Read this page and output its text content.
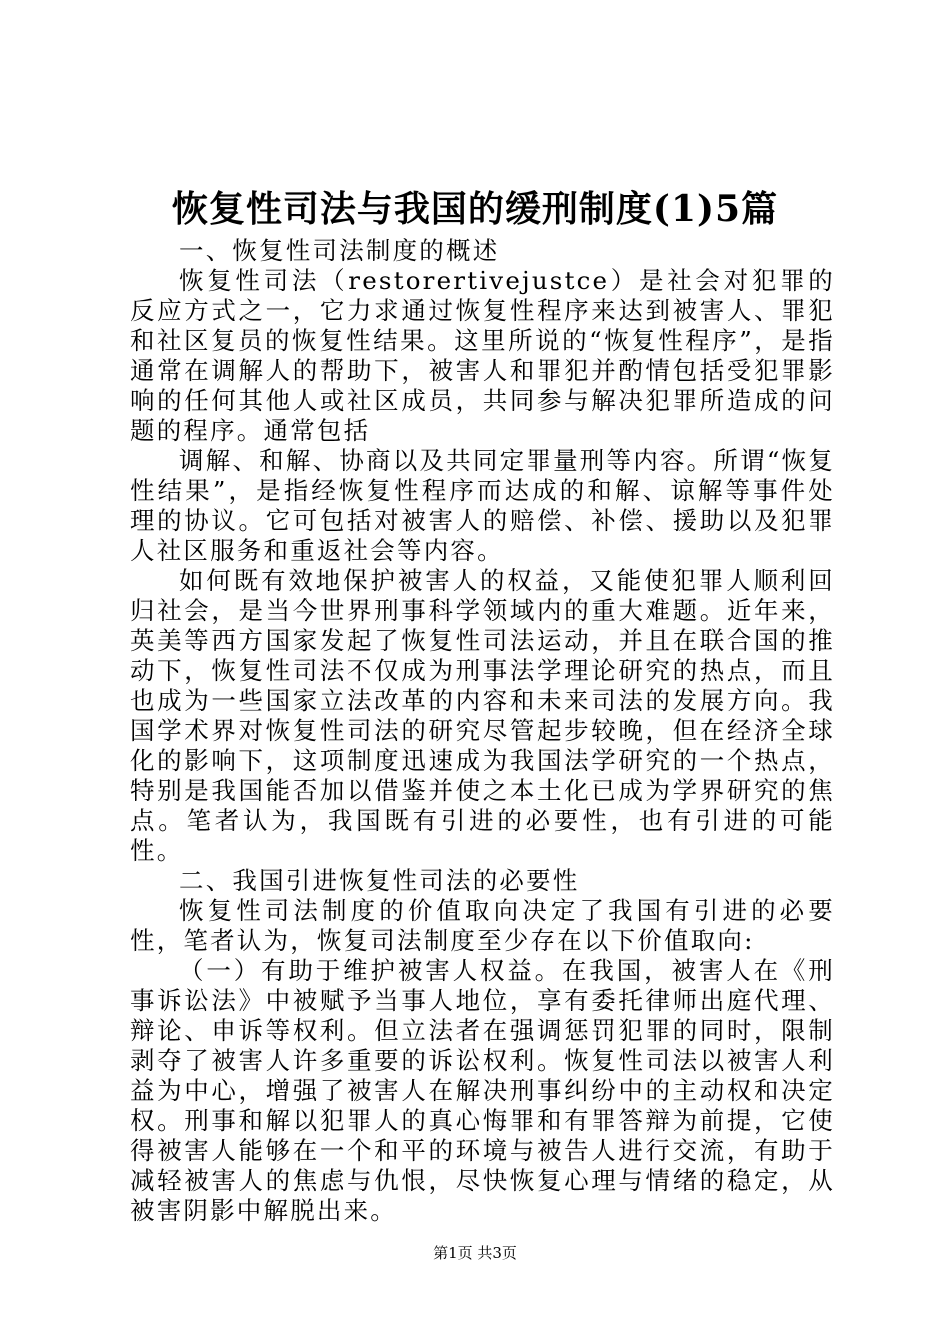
恢复性司法与我国的缓刑制度(1)5篇

一、恢复性司法制度的概述

恢复性司法（restorertivejustce）是社会对犯罪的反应方式之一，它力求通过恢复性程序来达到被害人、罪犯和社区复员的恢复性结果。这里所说的“恢复性程序”，是指通常在调解人的帮助下，被害人和罪犯并酌情包括受犯罪影响的任何其他人或社区成员，共同参与解决犯罪所造成的问题的程序。通常包括

调解、和解、协商以及共同定罪量刑等内容。所谓“恢复性结果”，是指经恢复性程序而达成的和解、谅解等事件处理的协议。它可包括对被害人的赔偿、补偿、援助以及犯罪人社区服务和重返社会等内容。

如何既有效地保护被害人的权益，又能使犯罪人顺利回归社会，是当今世界刑事科学领域内的重大难题。近年来，英美等西方国家发起了恢复性司法运动，并且在联合国的推动下，恢复性司法不仅成为刑事法学理论研究的热点，而且也成为一些国家立法改革的内容和未来司法的发展方向。我国学术界对恢复性司法的研究尽管起步较晚，但在经济全球化的影响下，这项制度迅速成为我国法学研究的一个热点，特别是我国能否加以借鉴并使之本土化已成为学界研究的焦点。笔者认为，我国既有引进的必要性，也有引进的可能性。

二、我国引进恢复性司法的必要性

恢复性司法制度的价值取向决定了我国有引进的必要性，笔者认为，恢复司法制度至少存在以下价值取向:

（一）有助于维护被害人权益。在我国，被害人在《刑事诉讼法》中被赋予当事人地位，享有委托律师出庭代理、辩论、申诉等权利。但立法者在强调惩罚犯罪的同时，限制剥夺了被害人许多重要的诉讼权利。恢复性司法以被害人利益为中心，增强了被害人在解决刑事纠纷中的主动权和决定权。刑事和解以犯罪人的真心悔罪和有罪答辩为前提，它使得被害人能够在一个和平的环境与被告人进行交流，有助于减轻被害人的焦虑与仇恨，尽快恢复心理与情绪的稳定，从被害阴影中解脱出来。

第1页 共3页
